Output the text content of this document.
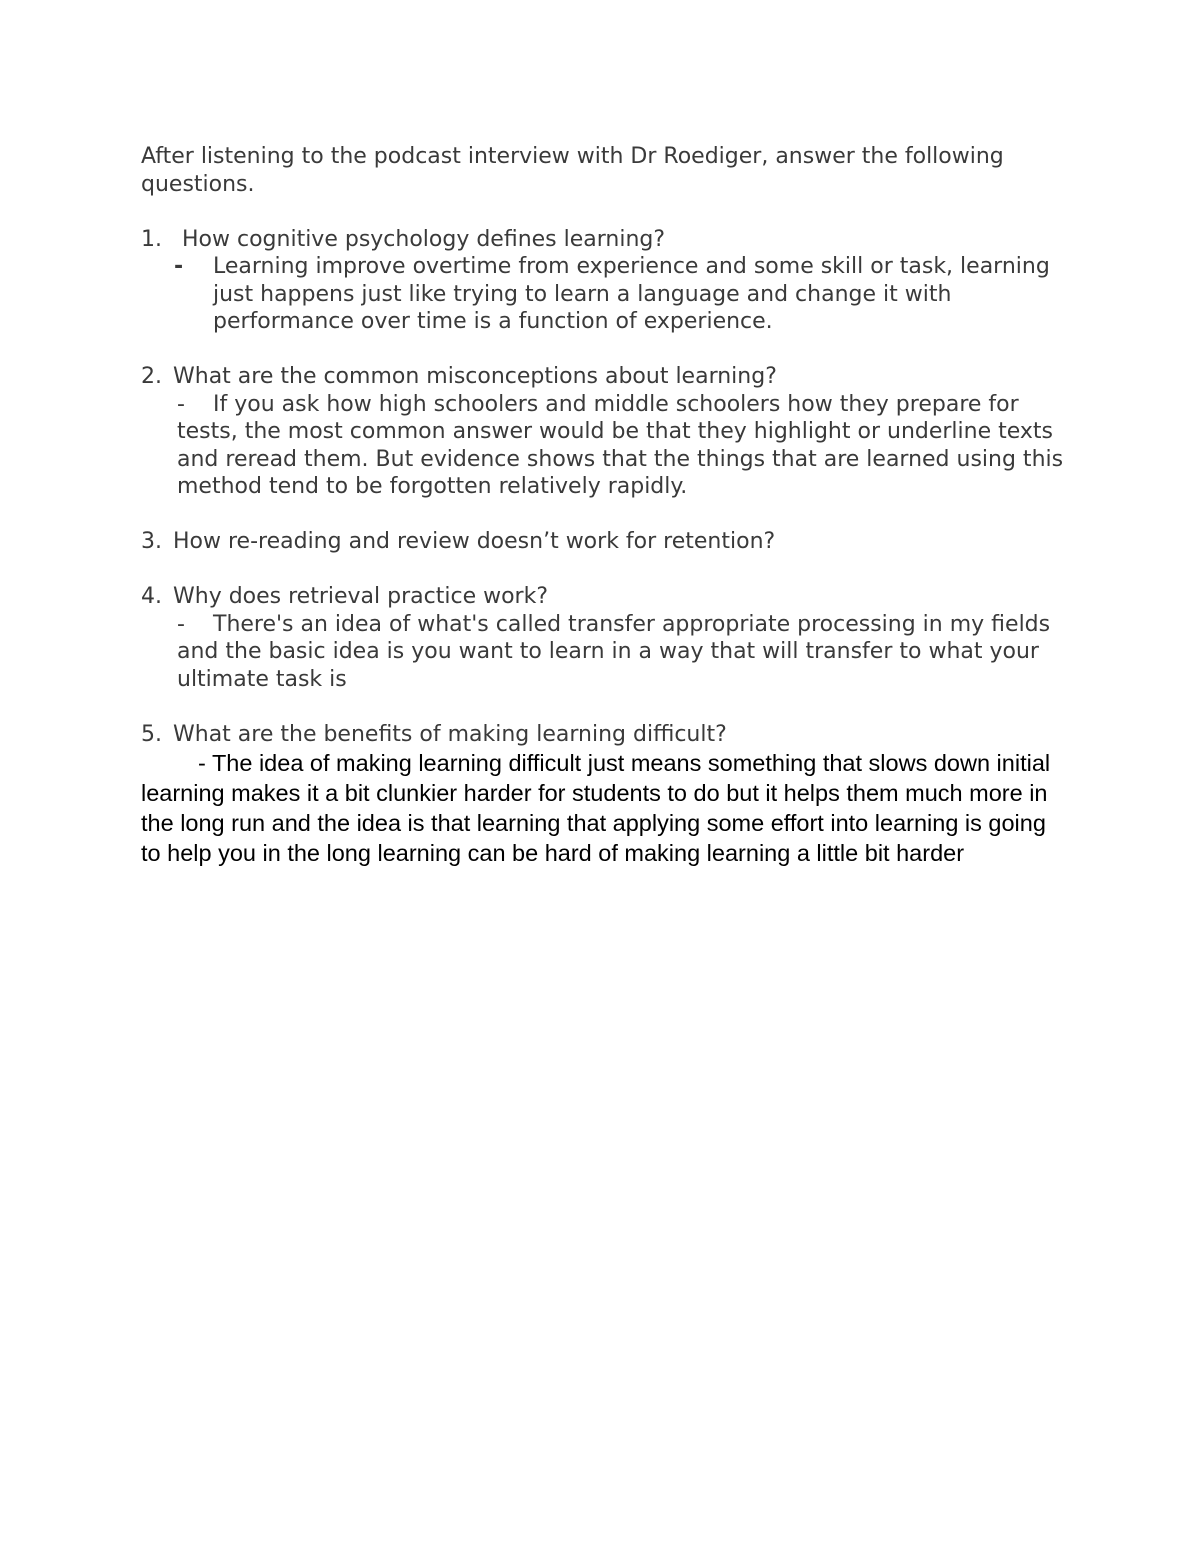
After listening to the podcast interview with Dr Roediger, answer the following questions.

1. How cognitive psychology defines learning?
- Learning improve overtime from experience and some skill or task, learning just happens just like trying to learn a language and change it with performance over time is a function of experience.
2. What are the common misconceptions about learning?
- If you ask how high schoolers and middle schoolers how they prepare for tests, the most common answer would be that they highlight or underline texts and reread them. But evidence shows that the things that are learned using this method tend to be forgotten relatively rapidly.
3. How re-reading and review doesn’t work for retention?
4. Why does retrieval practice work?
- There's an idea of what's called transfer appropriate processing in my fields and the basic idea is you want to learn in a way that will transfer to what your ultimate task is
5. What are the benefits of making learning difficult?
- The idea of making learning difficult just means something that slows down initial learning makes it a bit clunkier harder for students to do but it helps them much more in the long run and the idea is that learning that applying some effort into learning is going to help you in the long learning can be hard of making learning a little bit harder
